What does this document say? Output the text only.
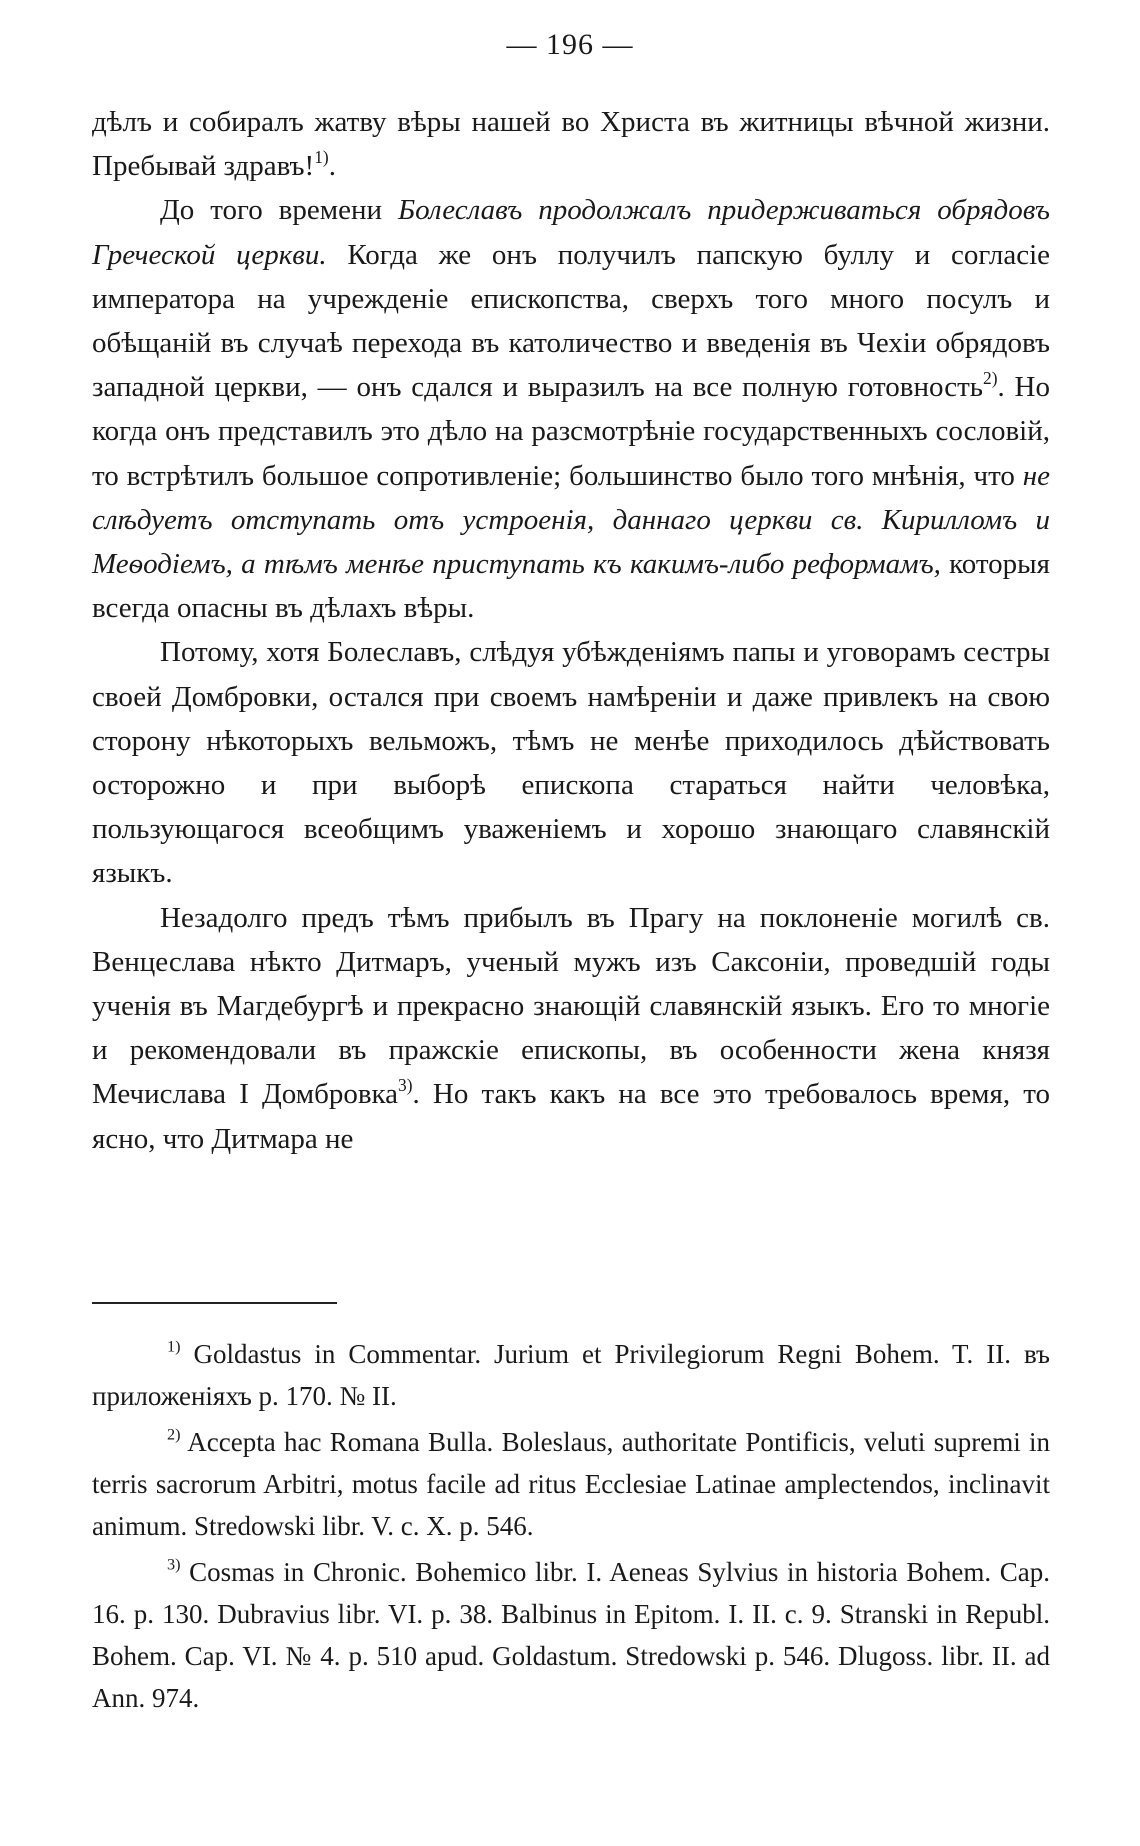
— 196 —

дѣлъ и собиралъ жатву вѣры нашей во Христа въ житницы вѣчной жизни. Пребывай здравъ!$^{1)}$.

До того времени Болеславъ продолжалъ придерживаться обрядовъ Греческой церкви. Когда же онъ получилъ папскую буллу и согласіе императора на учрежденіе епископства, сверхъ того много посулъ и обѣщаній въ случаѣ перехода въ католичество и введенія въ Чехіи обрядовъ западной церкви, — онъ сдался и выразилъ на все полную готовность$^{2)}$. Но когда онъ представилъ это дѣло на разсмотрѣніе государственныхъ сословій, то встрѣтилъ большое сопротивленіе; большинство было того мнѣнія, что не слѣдуетъ отступать отъ устроенія, даннаго церкви св. Кирилломъ и Меѳодіемъ, а тѣмъ менѣе приступать къ какимъ-либо реформамъ, которыя всегда опасны въ дѣлахъ вѣры.

Потому, хотя Болеславъ, слѣдуя убѣжденіямъ папы и уговорамъ сестры своей Домбровки, остался при своемъ намѣреніи и даже привлекъ на свою сторону нѣкоторыхъ вельможъ, тѣмъ не менѣе приходилось дѣйствовать осторожно и при выборѣ епископа стараться найти человѣка, пользующагося всеобщимъ уваженіемъ и хорошо знающаго славянскій языкъ.

Незадолго предъ тѣмъ прибылъ въ Прагу на поклоненіе могилѣ св. Венцеслава нѣкто Дитмаръ, ученый мужъ изъ Саксоніи, проведшій годы ученія въ Магдебургѣ и прекрасно знающій славянскій языкъ. Его то многіе и рекомендовали въ пражскіе епископы, въ особенности жена князя Мечислава I Домбровка$^{3)}$. Но такъ какъ на все это требовалось время, то ясно, что Дитмара не

$^{1)}$ Goldastus in Commentar. Jurium et Privilegiorum Regni Bohem. T. II. въ приложеніяхъ p. 170. № II.

$^{2)}$ Accepta hac Romana Bulla. Boleslaus, authoritate Pontificis, veluti supremi in terris sacrorum Arbitri, motus facile ad ritus Ecclesiae Latinae amplectendos, inclinavit animum. Stredowski libr. V. c. X. p. 546.

$^{3)}$ Cosmas in Chronic. Bohemico libr. I. Aeneas Sylvius in historia Bohem. Cap. 16. p. 130. Dubravius libr. VI. p. 38. Balbinus in Epitom. I. II. c. 9. Stranski in Republ. Bohem. Cap. VI. № 4. p. 510 apud. Goldastum. Stredowski p. 546. Dlugoss. libr. II. ad Ann. 974.
